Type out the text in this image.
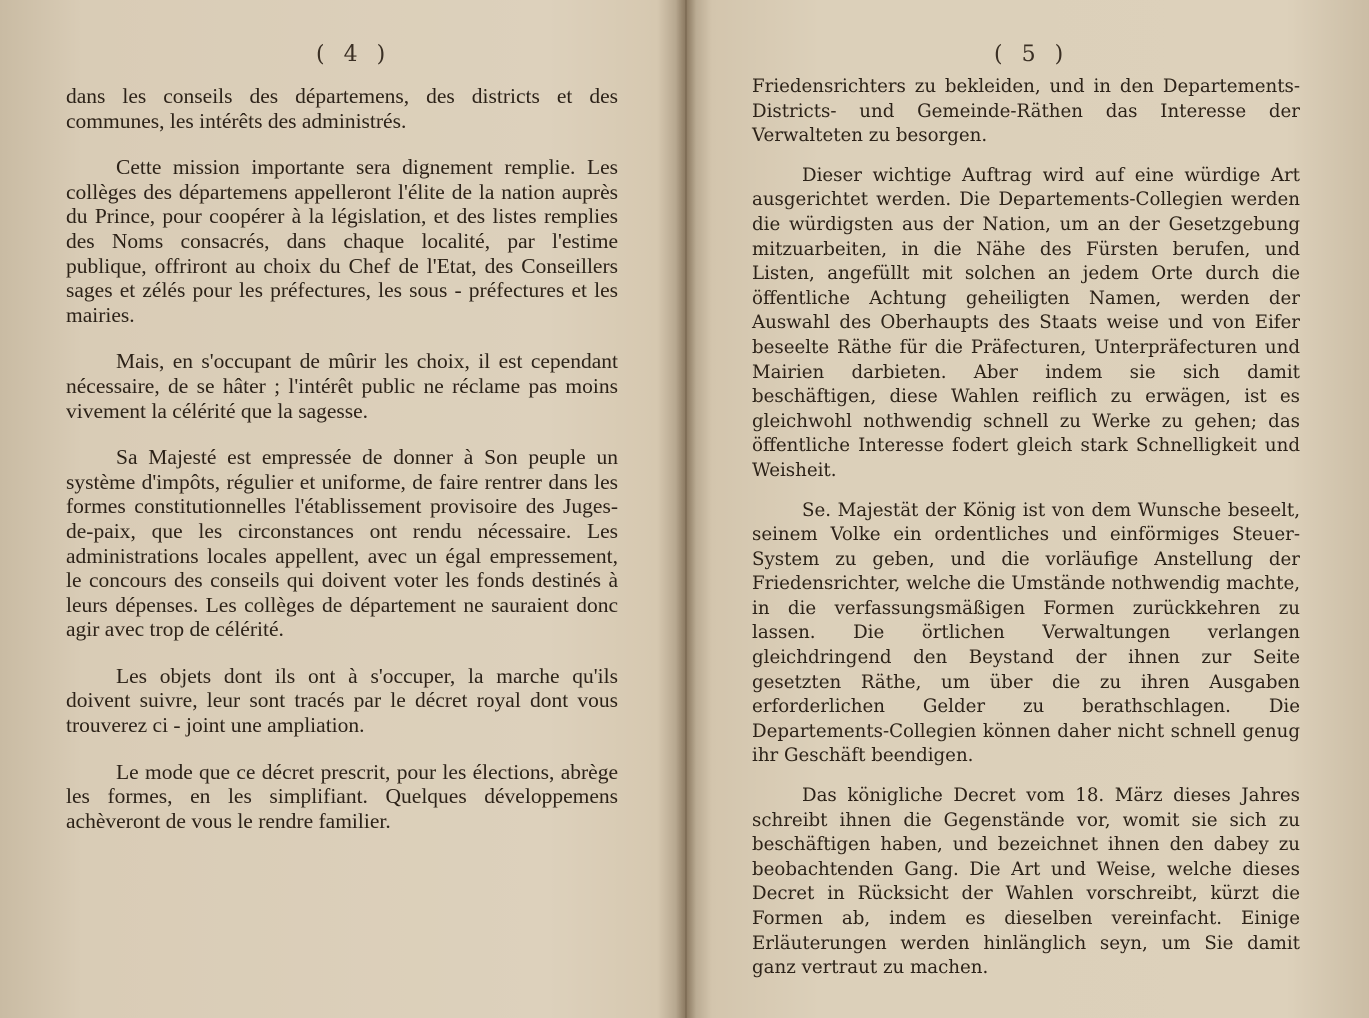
( 4 )

dans les conseils des départemens, des districts et des communes, les intérêts des administrés.

Cette mission importante sera dignement remplie. Les collèges des départemens appelleront l'élite de la nation auprès du Prince, pour coopérer à la législation, et des listes remplies des Noms consacrés, dans chaque localité, par l'estime publique, offriront au choix du Chef de l'Etat, des Conseillers sages et zélés pour les préfectures, les sous - préfectures et les mairies.

Mais, en s'occupant de mûrir les choix, il est cependant nécessaire, de se hâter ; l'intérêt public ne réclame pas moins vivement la célérité que la sagesse.

Sa Majesté est empressée de donner à Son peuple un système d'impôts, régulier et uniforme, de faire rentrer dans les formes constitutionnelles l'établissement provisoire des Juges-de-paix, que les circonstances ont rendu nécessaire. Les administrations locales appellent, avec un égal empressement, le concours des conseils qui doivent voter les fonds destinés à leurs dépenses. Les collèges de département ne sauraient donc agir avec trop de célérité.

Les objets dont ils ont à s'occuper, la marche qu'ils doivent suivre, leur sont tracés par le décret royal dont vous trouverez ci - joint une ampliation.

Le mode que ce décret prescrit, pour les élections, abrège les formes, en les simplifiant. Quelques développemens achèveront de vous le rendre familier.

( 5 )

Friedensrichters zu bekleiden, und in den Departements-Districts- und Gemeinde-Räthen das Interesse der Verwalteten zu besorgen.

Dieser wichtige Auftrag wird auf eine würdige Art ausgerichtet werden. Die Departements-Collegien werden die würdigsten aus der Nation, um an der Gesetzgebung mitzuarbeiten, in die Nähe des Fürsten berufen, und Listen, angefüllt mit solchen an jedem Orte durch die öffentliche Achtung geheiligten Namen, werden der Auswahl des Oberhaupts des Staats weise und von Eifer beseelte Räthe für die Präfecturen, Unterpräfecturen und Mairien darbieten. Aber indem sie sich damit beschäftigen, diese Wahlen reiflich zu erwägen, ist es gleichwohl nothwendig schnell zu Werke zu gehen; das öffentliche Interesse fodert gleich stark Schnelligkeit und Weisheit.

Se. Majestät der König ist von dem Wunsche beseelt, seinem Volke ein ordentliches und einförmiges Steuer-System zu geben, und die vorläufige Anstellung der Friedensrichter, welche die Umstände nothwendig machte, in die verfassungsmäßigen Formen zurückkehren zu lassen. Die örtlichen Verwaltungen verlangen gleichdringend den Beystand der ihnen zur Seite gesetzten Räthe, um über die zu ihren Ausgaben erforderlichen Gelder zu berathschlagen. Die Departements-Collegien können daher nicht schnell genug ihr Geschäft beendigen.

Das königliche Decret vom 18. März dieses Jahres schreibt ihnen die Gegenstände vor, womit sie sich zu beschäftigen haben, und bezeichnet ihnen den dabey zu beobachtenden Gang. Die Art und Weise, welche dieses Decret in Rücksicht der Wahlen vorschreibt, kürzt die Formen ab, indem es dieselben vereinfacht. Einige Erläuterungen werden hinlänglich seyn, um Sie damit ganz vertraut zu machen.
